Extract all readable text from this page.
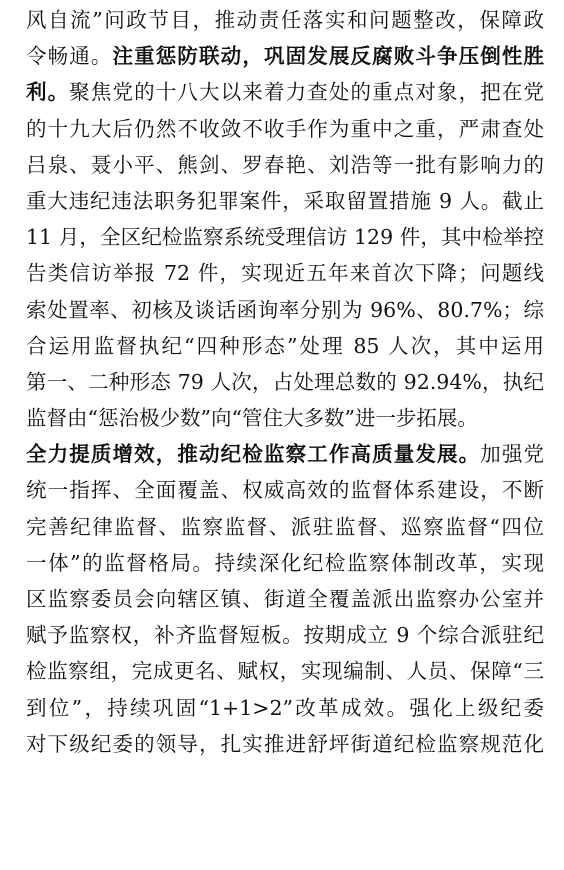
风自流”问政节目，推动责任落实和问题整改，保障政
令畅通。注重惩防联动，巩固发展反腐败斗争压倒性胜
利。聚焦党的十八大以来着力查处的重点对象，把在党
的十九大后仍然不收敛不收手作为重中之重，严肃查处
吕泉、聂小平、熊剑、罗春艳、刘浩等一批有影响力的
重大违纪违法职务犯罪案件，采取留置措施 9 人。截止
11 月，全区纪检监察系统受理信访 129 件，其中检举控
告类信访举报 72 件，实现近五年来首次下降；问题线
索处置率、初核及谈话函询率分别为 96%、80.7%；综
合运用监督执纪“四种形态”处理 85 人次，其中运用
第一、二种形态 79 人次，占处理总数的 92.94%，执纪
监督由“惩治极少数”向“管住大多数”进一步拓展。
全力提质增效，推动纪检监察工作高质量发展。加强党
统一指挥、全面覆盖、权威高效的监督体系建设，不断
完善纪律监督、监察监督、派驻监督、巡察监督“四位
一体”的监督格局。持续深化纪检监察体制改革，实现
区监察委员会向辖区镇、街道全覆盖派出监察办公室并
赋予监察权，补齐监督短板。按期成立 9 个综合派驻纪
检监察组，完成更名、赋权，实现编制、人员、保障“三
到位”，持续巩固“1+1>2”改革成效。强化上级纪委
对下级纪委的领导，扎实推进舒坪街道纪检监察规范化
